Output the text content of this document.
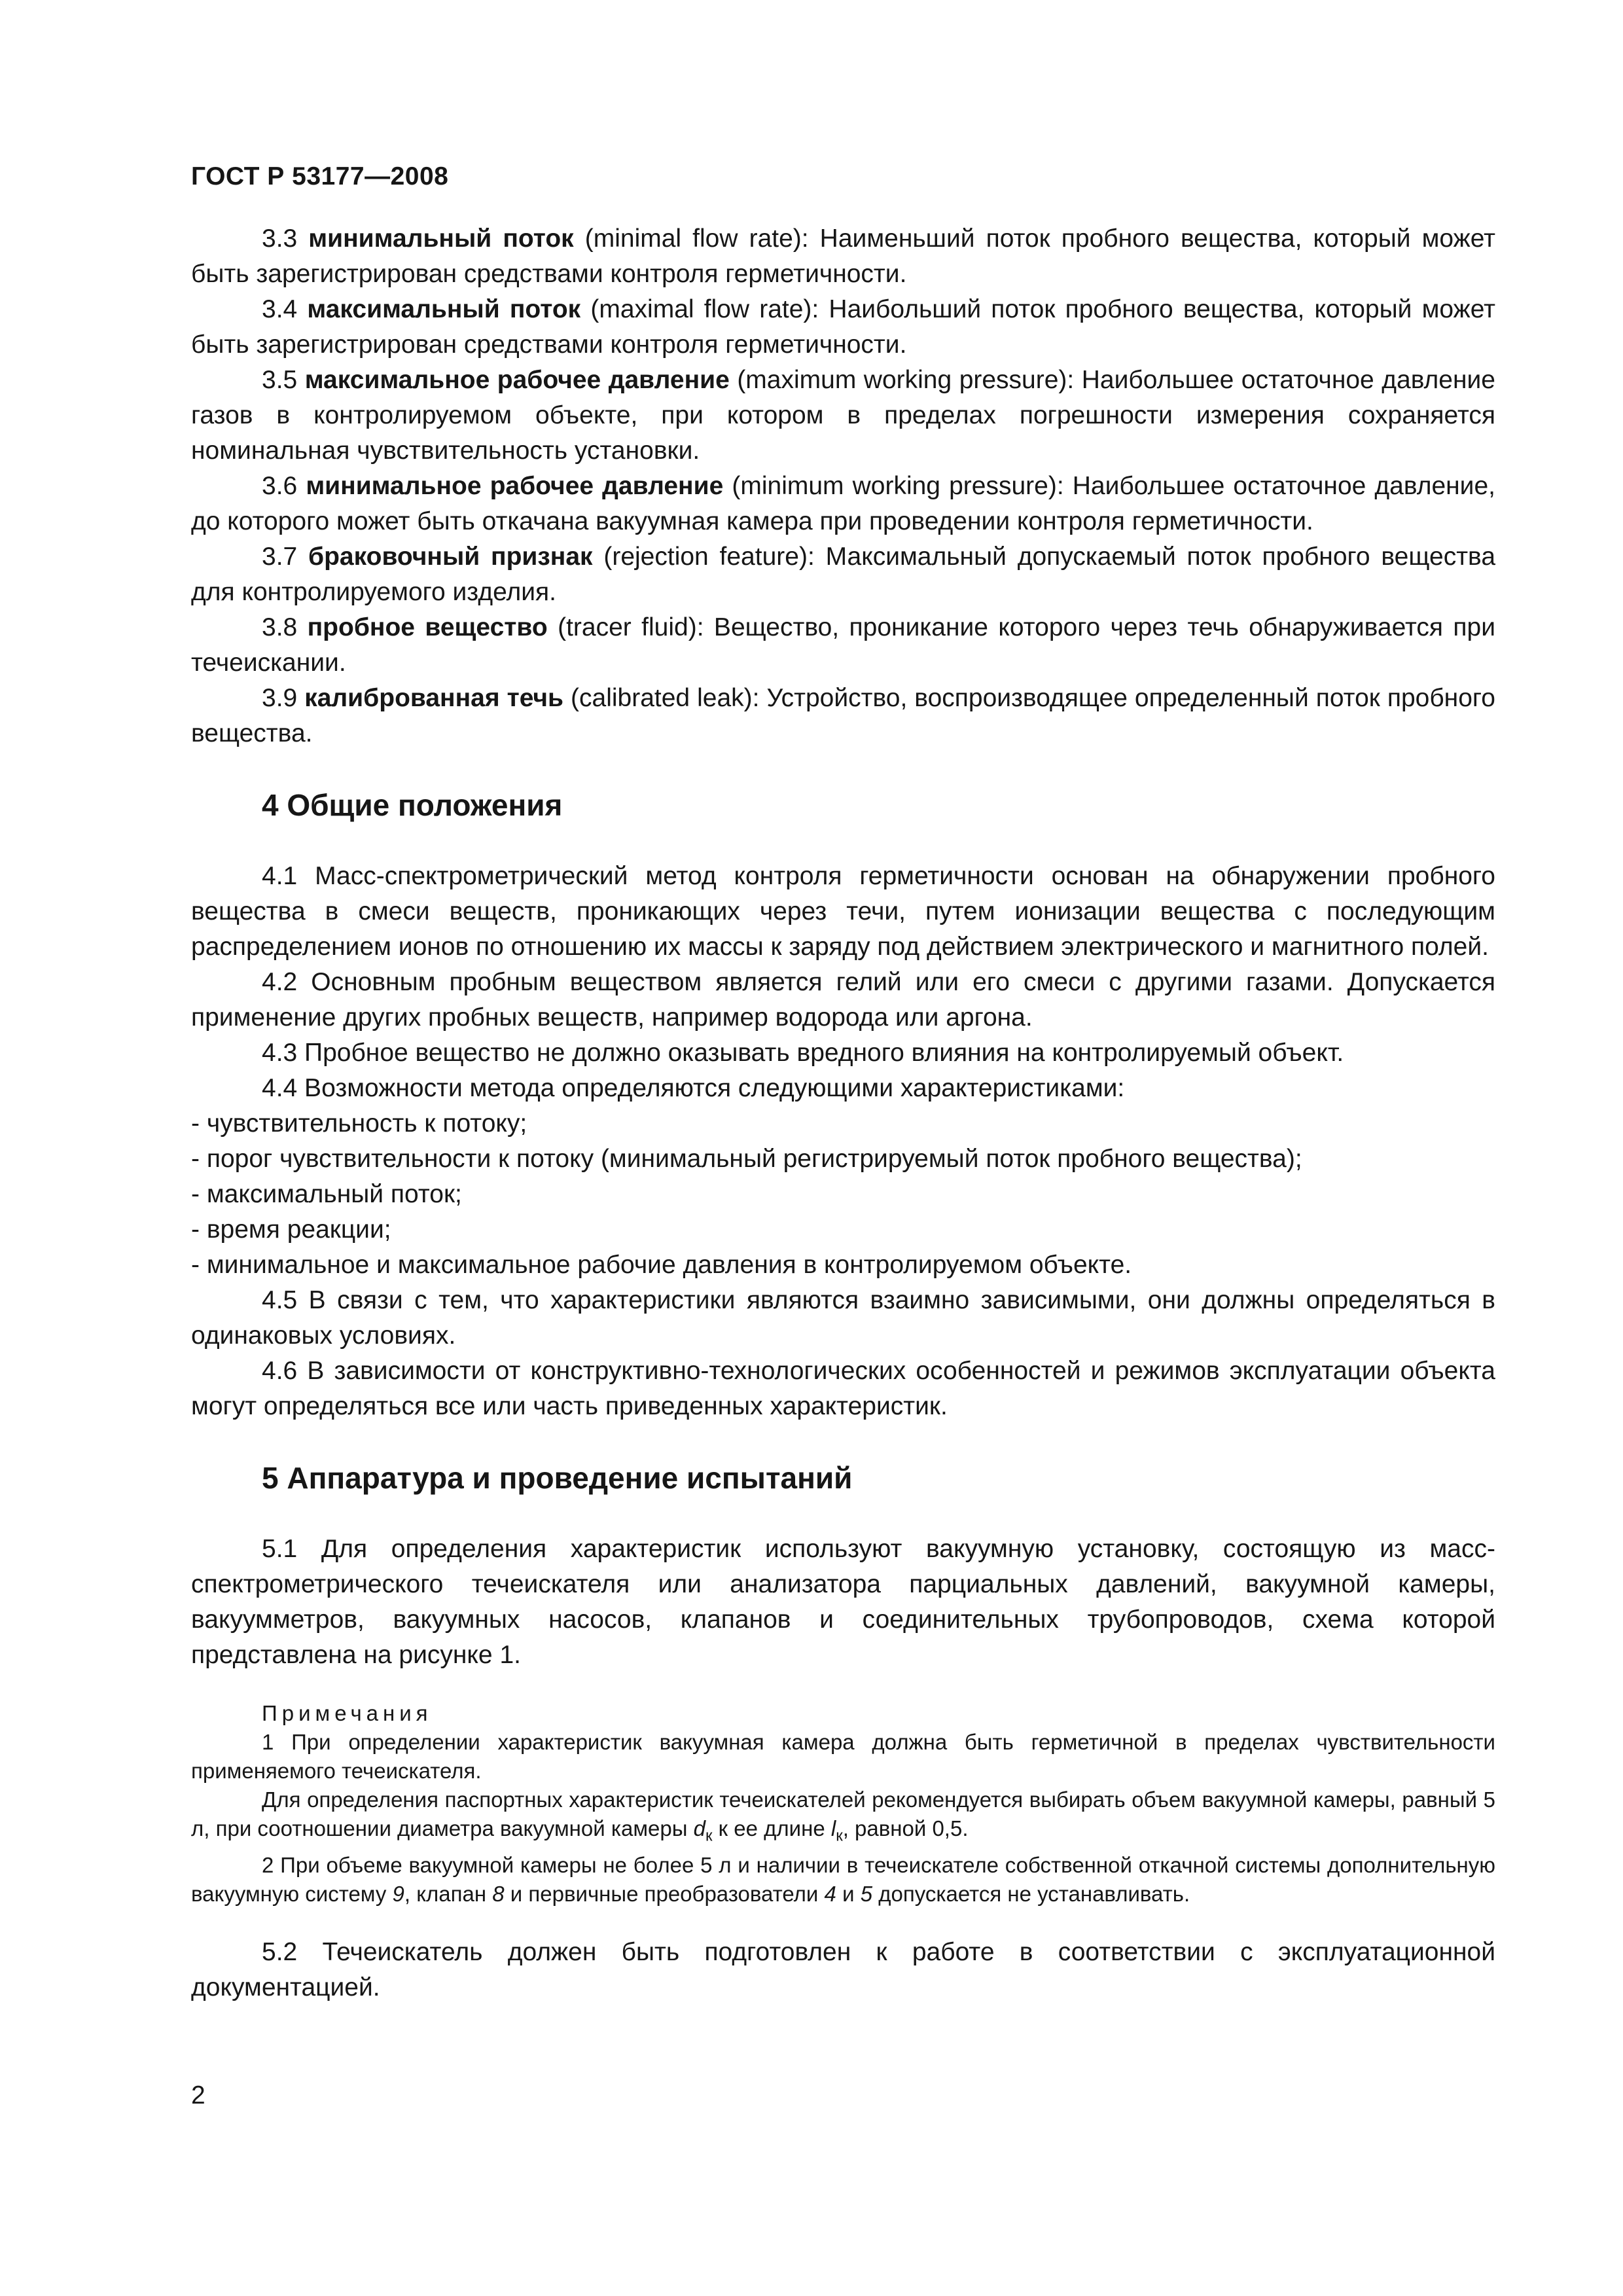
ГОСТ Р 53177—2008

3.3 минимальный поток (minimal flow rate): Наименьший поток пробного вещества, который может быть зарегистрирован средствами контроля герметичности.

3.4 максимальный поток (maximal flow rate): Наибольший поток пробного вещества, который может быть зарегистрирован средствами контроля герметичности.

3.5 максимальное рабочее давление (maximum working pressure): Наибольшее остаточное давление газов в контролируемом объекте, при котором в пределах погрешности измерения сохраняется номинальная чувствительность установки.

3.6 минимальное рабочее давление (minimum working pressure): Наибольшее остаточное давление, до которого может быть откачана вакуумная камера при проведении контроля герметичности.

3.7 браковочный признак (rejection feature): Максимальный допускаемый поток пробного вещества для контролируемого изделия.

3.8 пробное вещество (tracer fluid): Вещество, проникание которого через течь обнаруживается при течеискании.

3.9 калиброванная течь (calibrated leak): Устройство, воспроизводящее определенный поток пробного вещества.

4 Общие положения

4.1 Масс-спектрометрический метод контроля герметичности основан на обнаружении пробного вещества в смеси веществ, проникающих через течи, путем ионизации вещества с последующим распределением ионов по отношению их массы к заряду под действием электрического и магнитного полей.

4.2 Основным пробным веществом является гелий или его смеси с другими газами. Допускается применение других пробных веществ, например водорода или аргона.

4.3 Пробное вещество не должно оказывать вредного влияния на контролируемый объект.

4.4 Возможности метода определяются следующими характеристиками:

- чувствительность к потоку;

- порог чувствительности к потоку (минимальный регистрируемый поток пробного вещества);

- максимальный поток;

- время реакции;

- минимальное и максимальное рабочие давления в контролируемом объекте.

4.5 В связи с тем, что характеристики являются взаимно зависимыми, они должны определяться в одинаковых условиях.

4.6 В зависимости от конструктивно-технологических особенностей и режимов эксплуатации объекта могут определяться все или часть приведенных характеристик.

5 Аппаратура и проведение испытаний

5.1 Для определения характеристик используют вакуумную установку, состоящую из масс-спектрометрического течеискателя или анализатора парциальных давлений, вакуумной камеры, вакуумметров, вакуумных насосов, клапанов и соединительных трубопроводов, схема которой представлена на рисунке 1.

Примечания

1 При определении характеристик вакуумная камера должна быть герметичной в пределах чувствительности применяемого течеискателя.

Для определения паспортных характеристик течеискателей рекомендуется выбирать объем вакуумной камеры, равный 5 л, при соотношении диаметра вакуумной камеры $d_к$ к ее длине $l_к$, равной 0,5.

2 При объеме вакуумной камеры не более 5 л и наличии в течеискателе собственной откачной системы дополнительную вакуумную систему 9, клапан 8 и первичные преобразователи 4 и 5 допускается не устанавливать.

5.2 Течеискатель должен быть подготовлен к работе в соответствии с эксплуатационной документацией.

2
